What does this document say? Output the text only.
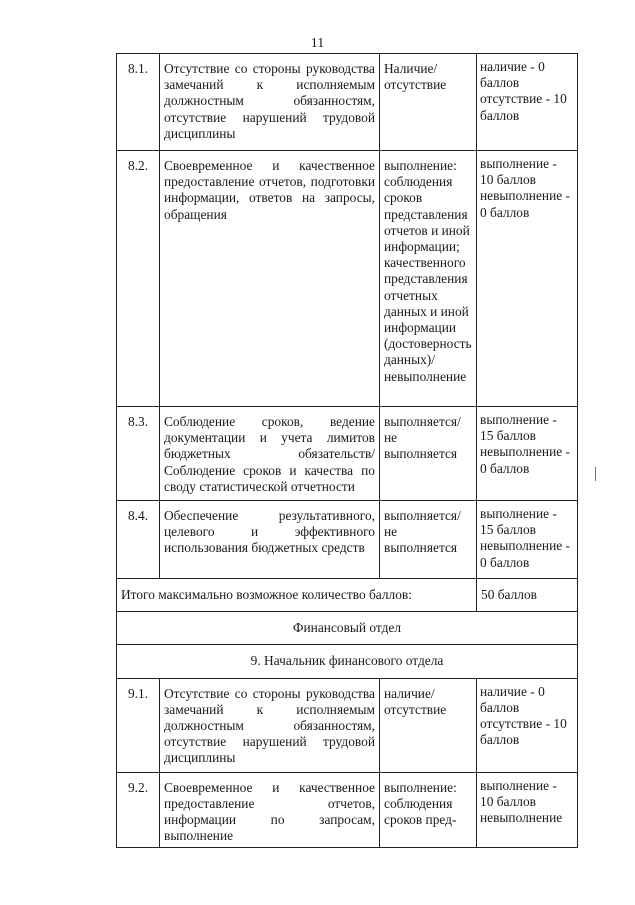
11
8.1.	Отсутствие со стороны руководства замечаний к исполняемым должностным обязанностям, отсутствие нарушений трудовой дисциплины	Наличие/отсутствие	наличие - 0 баллов отсутствие - 10 баллов
8.2.	Своевременное и качественное предоставление отчетов, подготовки информации, ответов на запросы, обращения	выполнение: соблюдения сроков представления отчетов и иной информации; качественного представления отчетных данных и иной информации (достоверность данных)/невыполнение	выполнение - 10 баллов невыполнение - 0 баллов
8.3.	Соблюдение сроков, ведение документации и учета лимитов бюджетных обязательств/Соблюдение сроков и качества по своду статистической отчетности	выполняется/не выполняется	выполнение - 15 баллов невыполнение - 0 баллов
8.4.	Обеспечение результативного, целевого и эффективного использования бюджетных средств	выполняется/не выполняется	выполнение - 15 баллов невыполнение - 0 баллов
Итого максимально возможное количество баллов:			50 баллов
Финансовый отдел			
9. Начальник финансового отдела			
9.1.	Отсутствие со стороны руководства замечаний к исполняемым должностным обязанностям, отсутствие нарушений трудовой дисциплины	наличие/отсутствие	наличие - 0 баллов отсутствие - 10 баллов
9.2.	Своевременное и качественное предоставление отчетов, информации по запросам, выполнение	выполнение: соблюдения сроков пред-	выполнение - 10 баллов невыполнение
